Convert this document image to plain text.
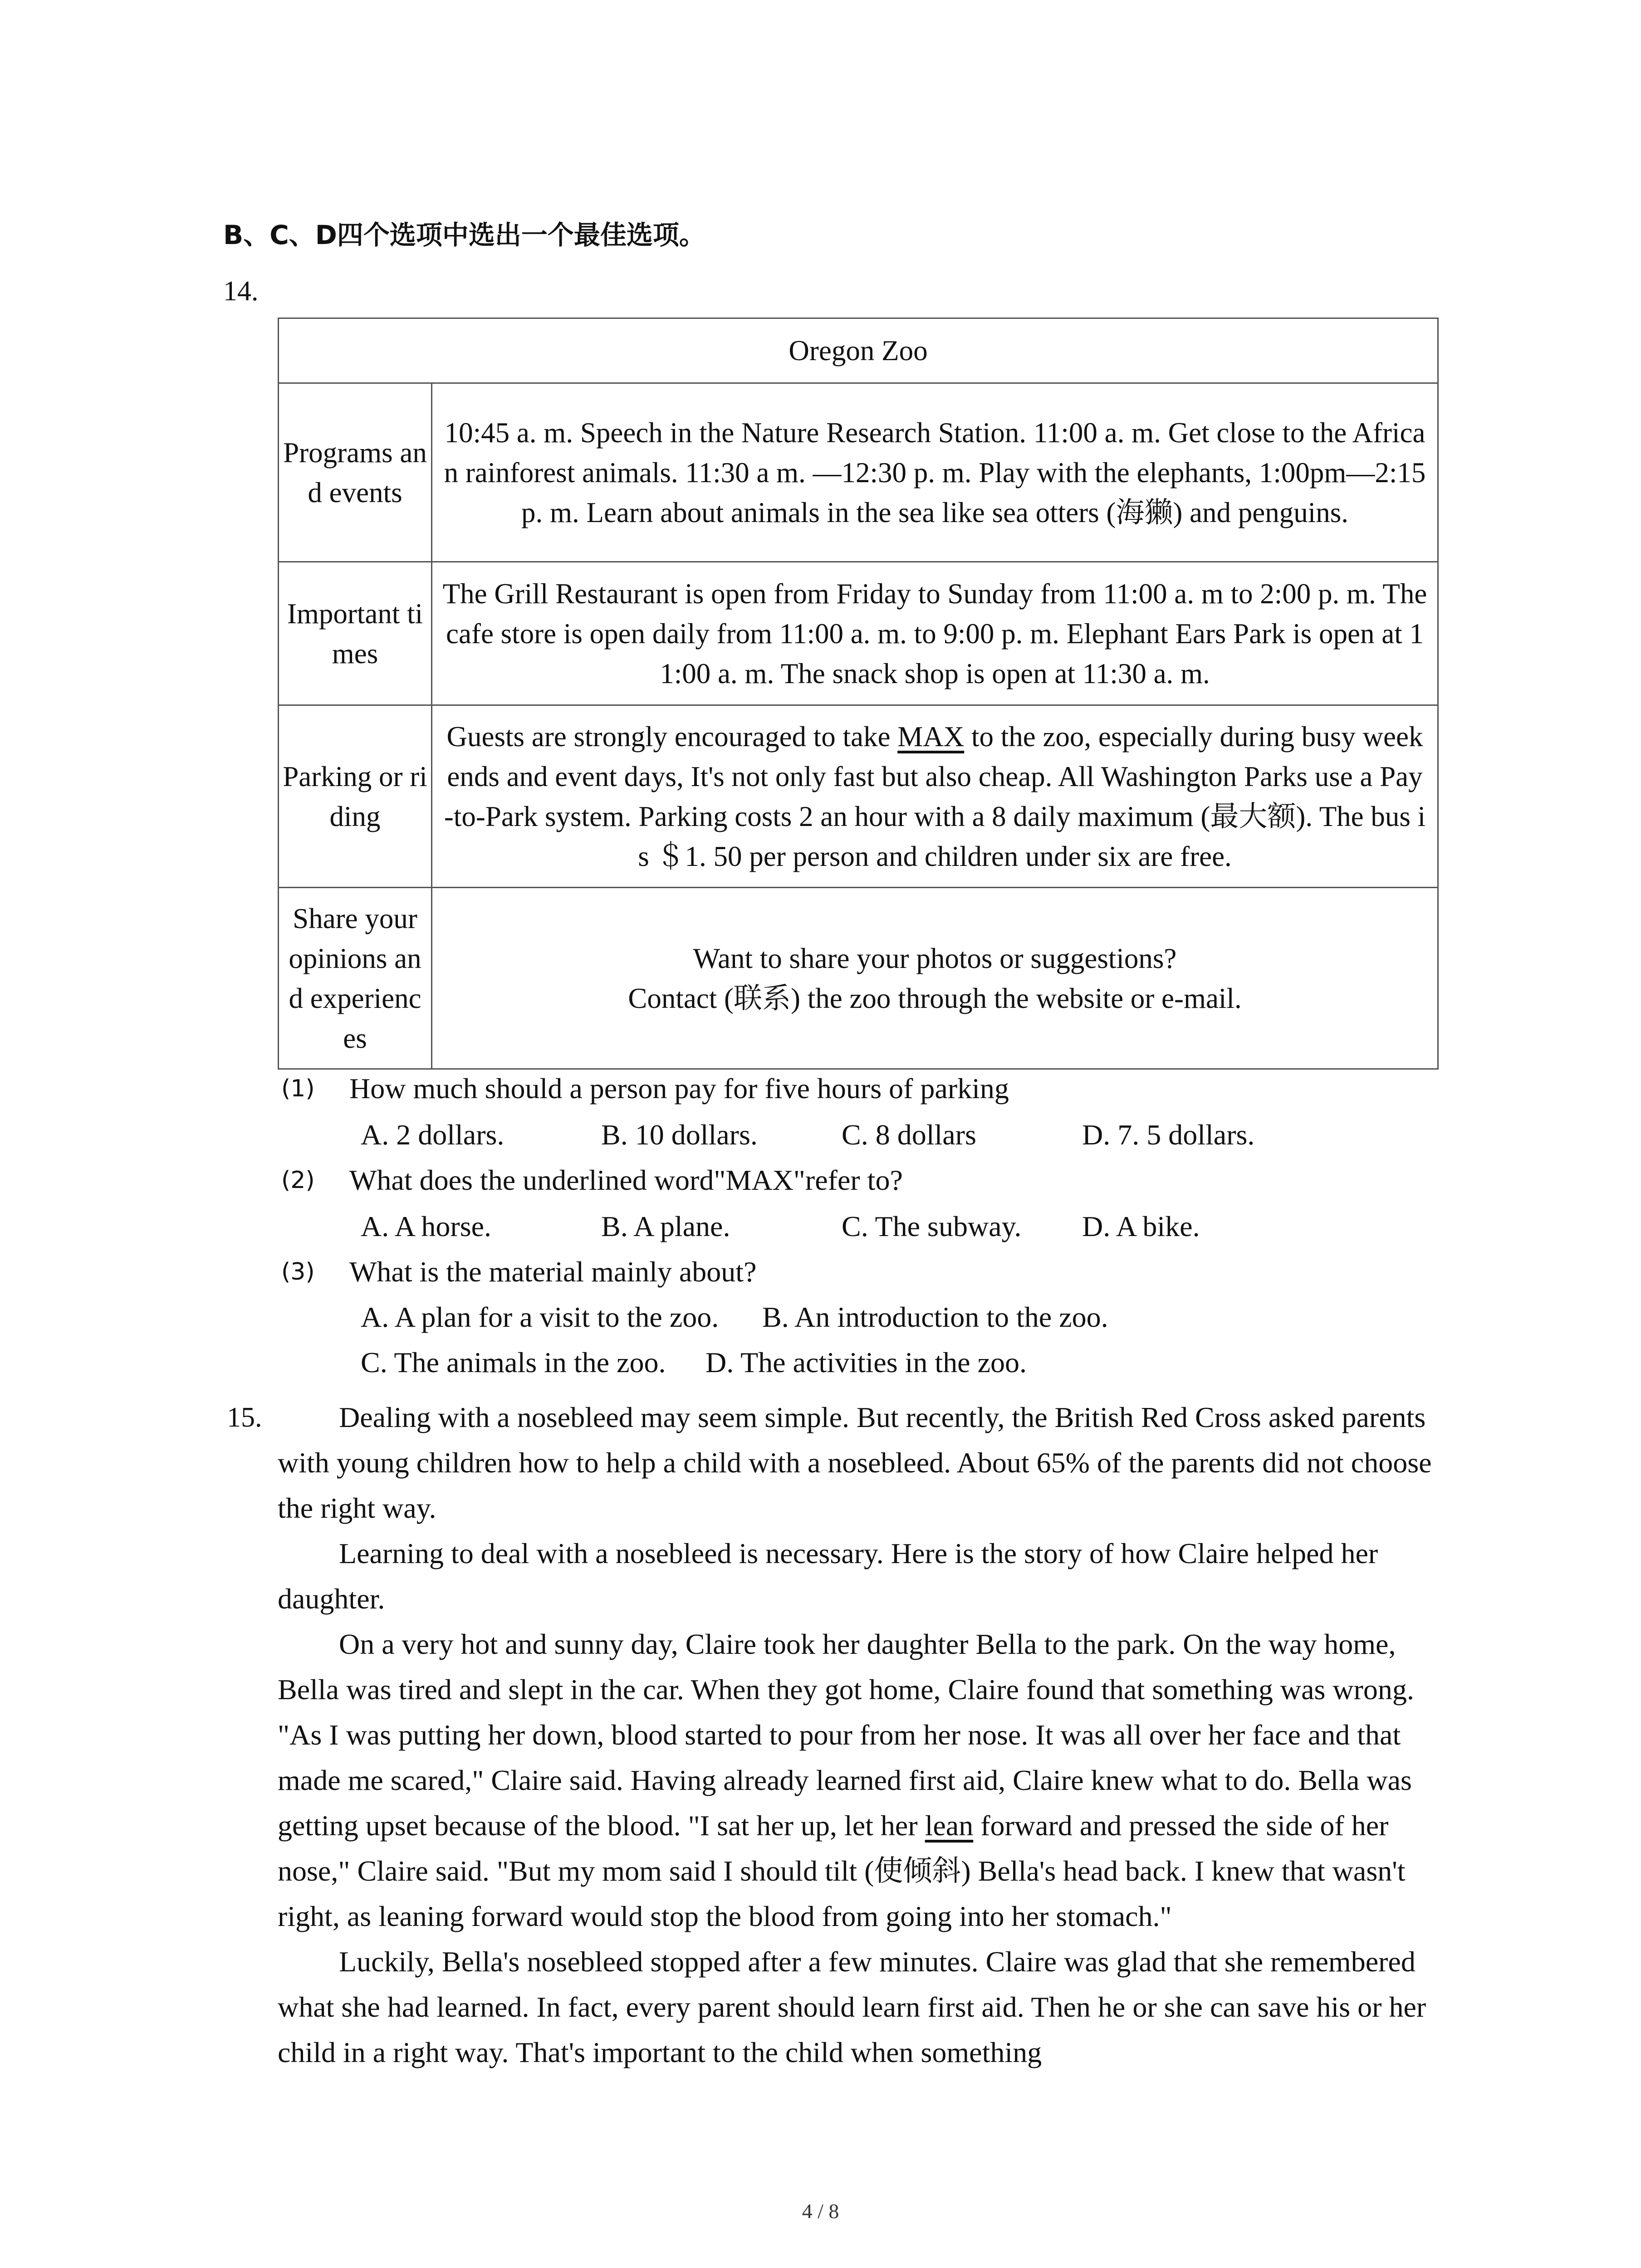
B、C、D四个选项中选出一个最佳选项。
14.
Oregon Zoo	
Programs and events	10:45 a. m. Speech in the Nature Research Station. 11:00 a. m. Get close to the African rainforest animals. 11:30 a m. —12:30 p. m. Play with the elephants, 1:00pm—2:15 p. m. Learn about animals in the sea like sea otters (海獭) and penguins.
Important times	The Grill Restaurant is open from Friday to Sunday from 11:00 a. m to 2:00 p. m. The cafe store is open daily from 11:00 a. m. to 9:00 p. m. Elephant Ears Park is open at 11:00 a. m. The snack shop is open at 11:30 a. m.
Parking or riding	Guests are strongly encouraged to take MAX to the zoo, especially during busy weekends and event days, It's not only fast but also cheap. All Washington Parks use a Pay-to-Park system. Parking costs 2 an hour with a 8 daily maximum (最大额). The bus is ＄1. 50 per person and children under six are free.
Share your opinions and experiences	Want to share your photos or suggestions?
Contact (联系) the zoo through the website or e-mail.
(1) How much should a person pay for five hours of parking
A. 2 dollars.	B. 10 dollars.	C. 8 dollars	D. 7. 5 dollars.
(2) What does the underlined word"MAX"refer to?
A. A horse.	B. A plane.	C. The subway. D. A bike.
(3) What is the material mainly about?
A. A plan for a visit to the zoo. B. An introduction to the zoo.
C. The animals in the zoo. D. The activities in the zoo.
15.	Dealing with a nosebleed may seem simple. But recently, the British Red Cross asked parents with young children how to help a child with a nosebleed. About 65% of the parents did not choose the right way.

Learning to deal with a nosebleed is necessary. Here is the story of how Claire helped her daughter.

On a very hot and sunny day, Claire took her daughter Bella to the park. On the way home, Bella was tired and slept in the car. When they got home, Claire found that something was wrong. "As I was putting her down, blood started to pour from her nose. It was all over her face and that made me scared," Claire said. Having already learned first aid, Claire knew what to do. Bella was getting upset because of the blood. "I sat her up, let her lean forward and pressed the side of her nose," Claire said. "But my mom said I should tilt (使倾斜) Bella's head back. I knew that wasn't right, as leaning forward would stop the blood from going into her stomach."

Luckily, Bella's nosebleed stopped after a few minutes. Claire was glad that she remembered what she had learned. In fact, every parent should learn first aid. Then he or she can save his or her child in a right way. That's important to the child when something

4 / 8
